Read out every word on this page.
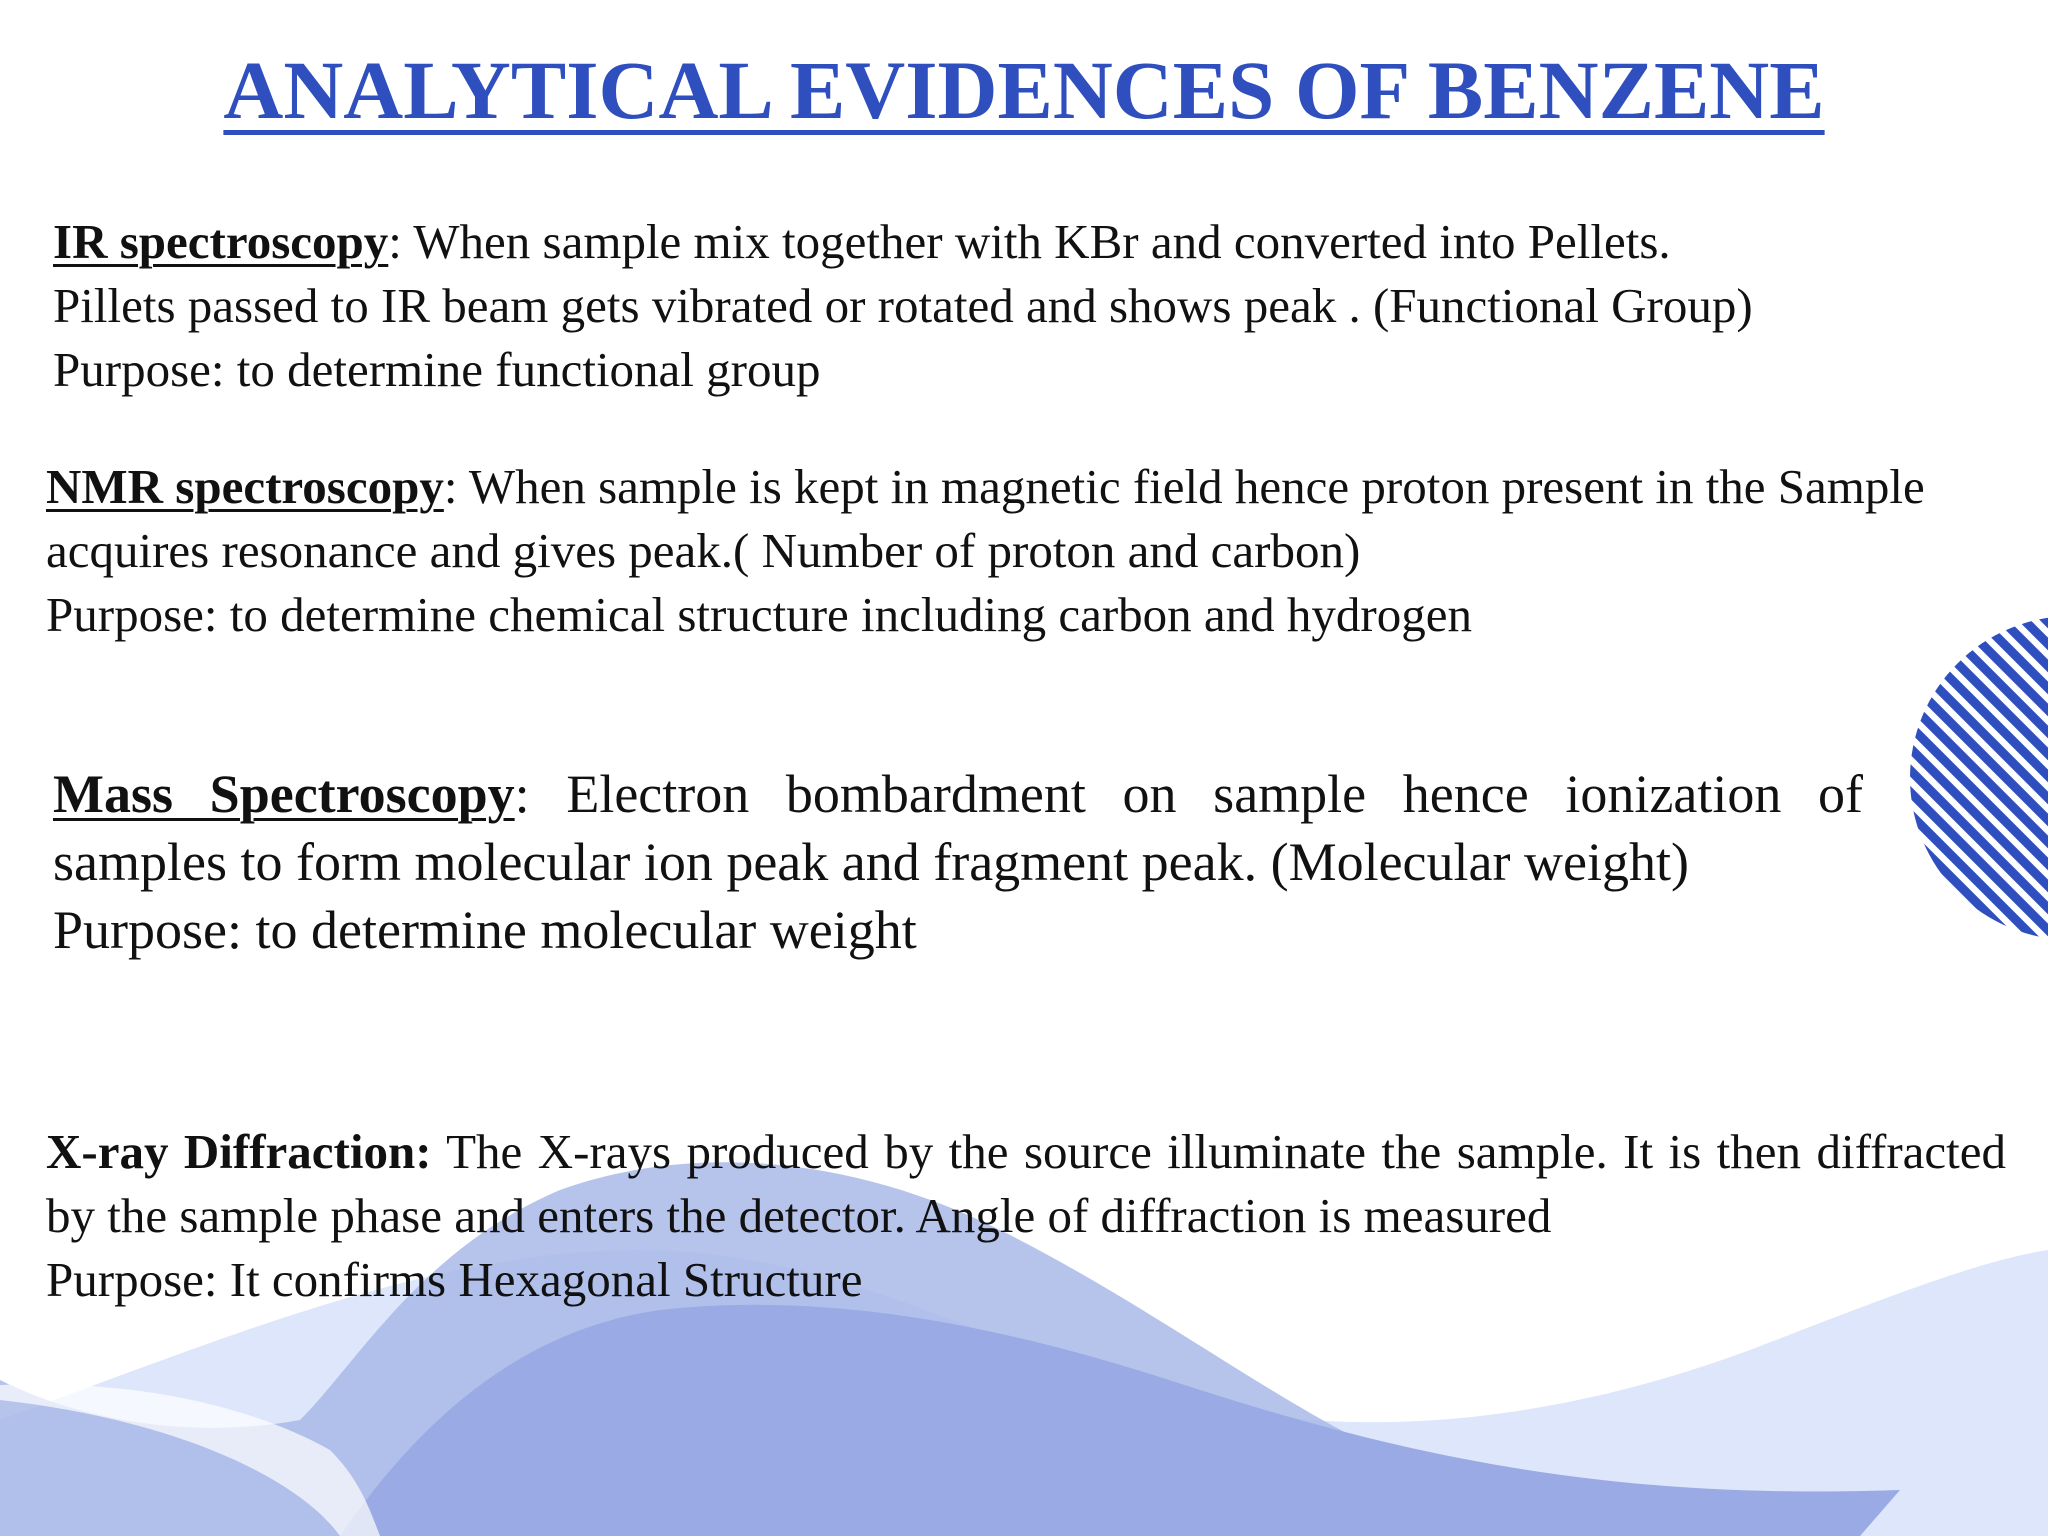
ANALYTICAL EVIDENCES OF BENZENE

IR spectroscopy: When sample mix together with KBr and converted into Pellets.

Pillets passed to IR beam gets vibrated or rotated and shows peak . (Functional Group)

Purpose: to determine functional group

NMR spectroscopy: When sample is kept in magnetic field hence proton present in the Sample acquires resonance and gives peak.( Number of proton and carbon)

Purpose: to determine chemical structure including carbon and hydrogen

Mass Spectroscopy: Electron bombardment on sample hence ionization of samples to form molecular ion peak and fragment peak. (Molecular weight)

Purpose: to determine molecular weight

X-ray Diffraction: The X-rays produced by the source illuminate the sample. It is then diffracted by the sample phase and enters the detector. Angle of diffraction is measured

Purpose: It confirms Hexagonal Structure
